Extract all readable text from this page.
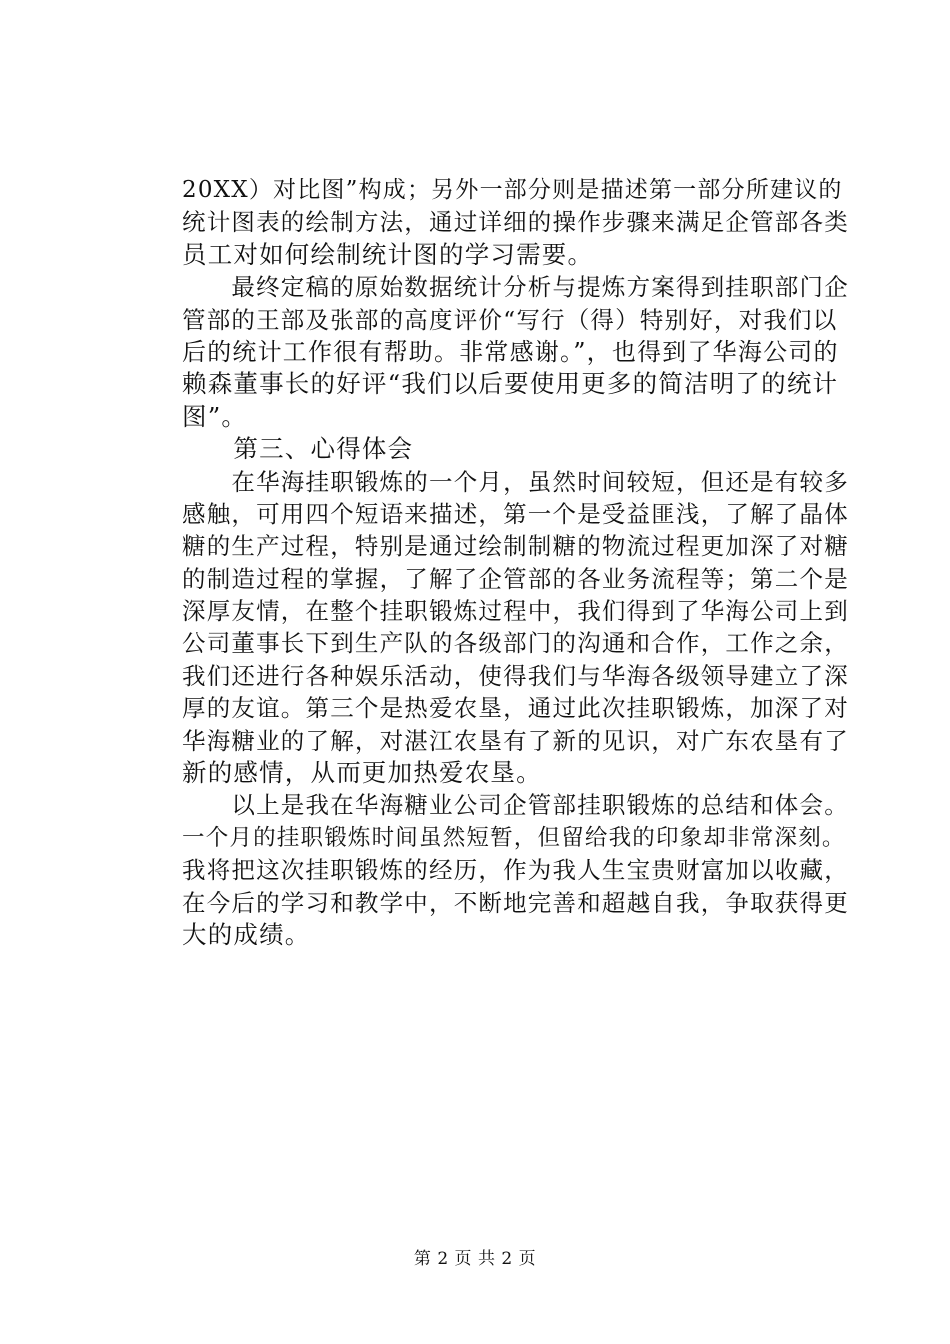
20XX）对比图”构成；另外一部分则是描述第一部分所建议的
统计图表的绘制方法，通过详细的操作步骤来满足企管部各类
员工对如何绘制统计图的学习需要。
　　最终定稿的原始数据统计分析与提炼方案得到挂职部门企
管部的王部及张部的高度评价“写行（得）特别好，对我们以
后的统计工作很有帮助。非常感谢。”，也得到了华海公司的
赖森董事长的好评“我们以后要使用更多的简洁明了的统计
图”。
　　第三、心得体会
　　在华海挂职锻炼的一个月，虽然时间较短，但还是有较多
感触，可用四个短语来描述，第一个是受益匪浅，了解了晶体
糖的生产过程，特别是通过绘制制糖的物流过程更加深了对糖
的制造过程的掌握，了解了企管部的各业务流程等；第二个是
深厚友情，在整个挂职锻炼过程中，我们得到了华海公司上到
公司董事长下到生产队的各级部门的沟通和合作，工作之余，
我们还进行各种娱乐活动，使得我们与华海各级领导建立了深
厚的友谊。第三个是热爱农垦，通过此次挂职锻炼，加深了对
华海糖业的了解，对湛江农垦有了新的见识，对广东农垦有了
新的感情，从而更加热爱农垦。
　　以上是我在华海糖业公司企管部挂职锻炼的总结和体会。
一个月的挂职锻炼时间虽然短暂，但留给我的印象却非常深刻。
我将把这次挂职锻炼的经历，作为我人生宝贵财富加以收藏，
在今后的学习和教学中，不断地完善和超越自我，争取获得更
大的成绩。
第 2 页 共 2 页
